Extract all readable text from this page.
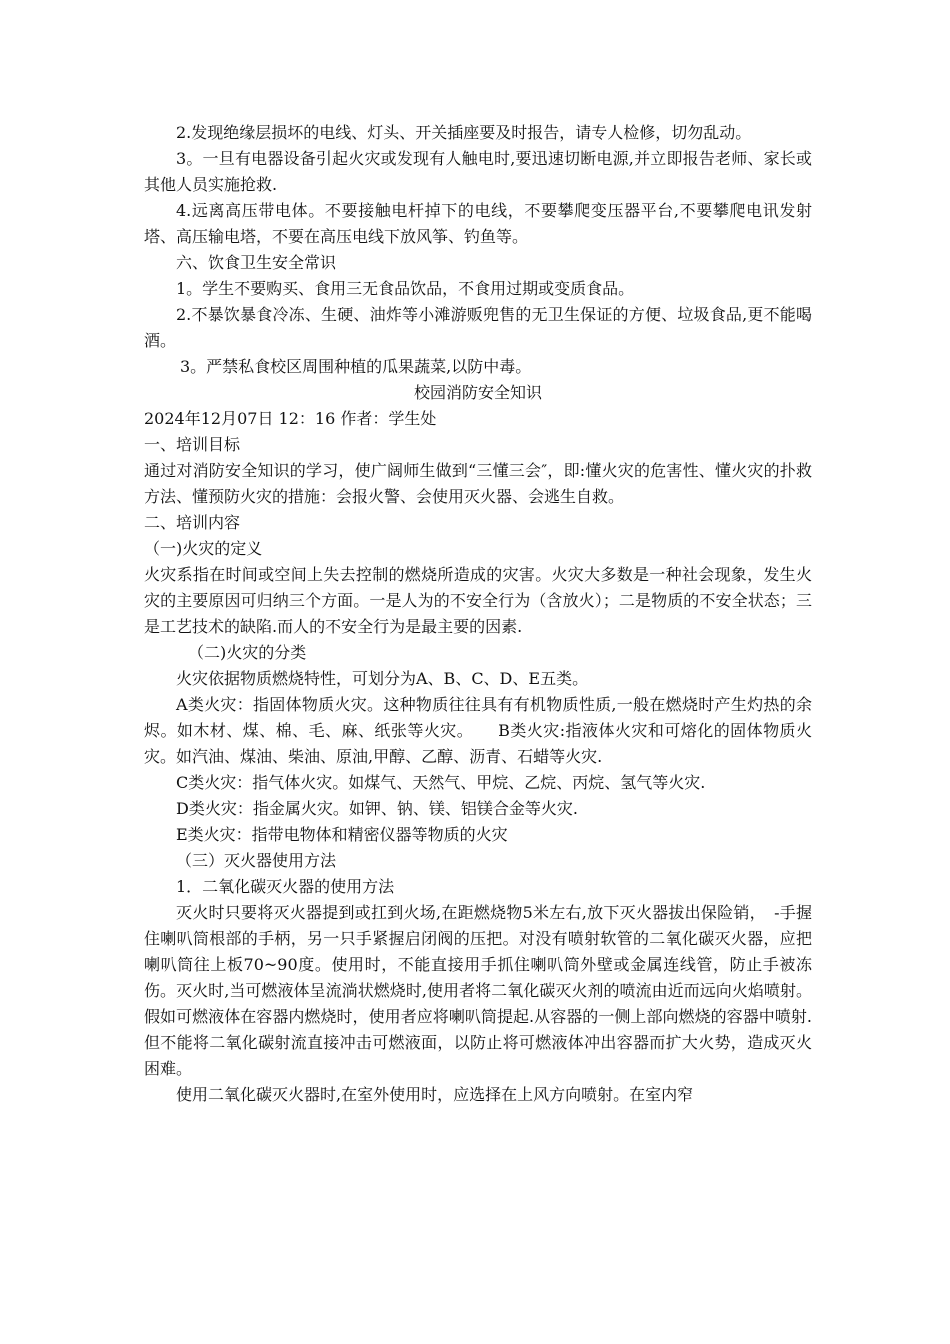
2.发现绝缘层损坏的电线、灯头、开关插座要及时报告，请专人检修，切勿乱动。

3。一旦有电器设备引起火灾或发现有人触电时,要迅速切断电源,并立即报告老师、家长或其他人员实施抢救.

4.远离高压带电体。不要接触电杆掉下的电线，不要攀爬变压器平台,不要攀爬电讯发射塔、高压输电塔，不要在高压电线下放风筝、钓鱼等。

六、饮食卫生安全常识

1。学生不要购买、食用三无食品饮品，不食用过期或变质食品。

2.不暴饮暴食冷冻、生硬、油炸等小滩游贩兜售的无卫生保证的方便、垃圾食品,更不能喝酒。

3。严禁私食校区周围种植的瓜果蔬菜,以防中毒。

校园消防安全知识

2024年12月07日 12：16 作者：学生处

一、培训目标

通过对消防安全知识的学习，使广阔师生做到“三懂三会″，即:懂火灾的危害性、懂火灾的扑救方法、懂预防火灾的措施：会报火警、会使用灭火器、会逃生自救。

二、培训内容

（一)火灾的定义

火灾系指在时间或空间上失去控制的燃烧所造成的灾害。火灾大多数是一种社会现象，发生火灾的主要原因可归纳三个方面。一是人为的不安全行为（含放火）；二是物质的不安全状态；三是工艺技术的缺陷.而人的不安全行为是最主要的因素.

（二)火灾的分类

火灾依据物质燃烧特性，可划分为A、B、C、D、E五类。

A类火灾：指固体物质火灾。这种物质往往具有有机物质性质,一般在燃烧时产生灼热的余烬。如木材、煤、棉、毛、麻、纸张等火灾。　　B类火灾:指液体火灾和可熔化的固体物质火灾。如汽油、煤油、柴油、原油,甲醇、乙醇、沥青、石蜡等火灾.

C类火灾：指气体火灾。如煤气、天然气、甲烷、乙烷、丙烷、氢气等火灾.

D类火灾：指金属火灾。如钾、钠、镁、铝镁合金等火灾.

E类火灾：指带电物体和精密仪器等物质的火灾

（三）灭火器使用方法

1．二氧化碳灭火器的使用方法

灭火时只要将灭火器提到或扛到火场,在距燃烧物5米左右,放下灭火器拔出保险销，　-手握住喇叭筒根部的手柄，另一只手紧握启闭阀的压把。对没有喷射软管的二氧化碳灭火器，应把喇叭筒往上板70~90度。使用时，不能直接用手抓住喇叭筒外壁或金属连线管，防止手被冻伤。灭火时,当可燃液体呈流淌状燃烧时,使用者将二氧化碳灭火剂的喷流由近而远向火焰喷射。假如可燃液体在容器内燃烧时，使用者应将喇叭筒提起.从容器的一侧上部向燃烧的容器中喷射.但不能将二氧化碳射流直接冲击可燃液面，以防止将可燃液体冲出容器而扩大火势，造成灭火困难。

使用二氧化碳灭火器时,在室外使用时，应选择在上风方向喷射。在室内窄
